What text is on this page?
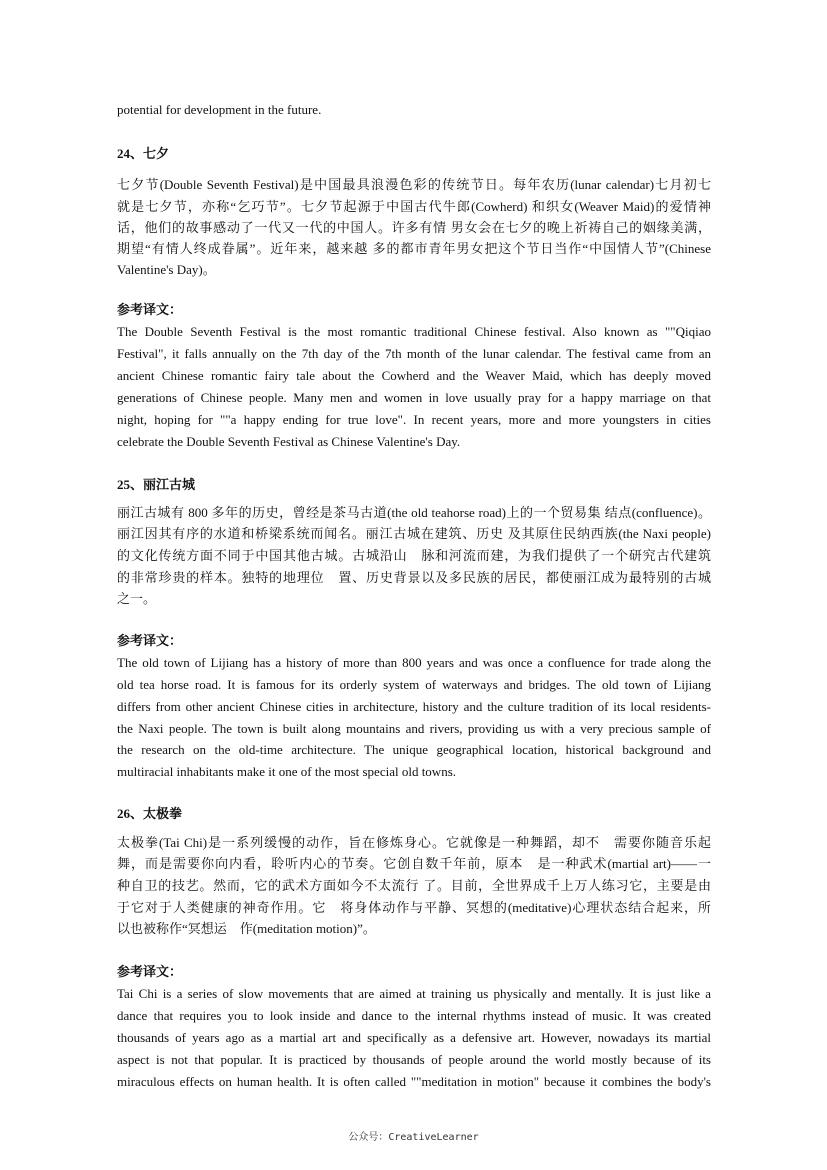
potential for development in the future.
24、七夕
七夕节(Double Seventh Festival)是中国最具浪漫色彩的传统节日。每年农历(lunar calendar)七月初七
就是七夕节，亦称“乞巧节”。七夕节起源于中国古代牛郎(Cowherd) 和织女(Weaver Maid)的爱情神
话，他们的故事感动了一代又一代的中国人。许多有情 男女会在七夕的晚上祈祷自己的姻缘美满，
期望“有情人终成眷属”。近年来，越来越 多的都市青年男女把这个节日当作“中国情人节”(Chinese
Valentine's Day)。
参考译文：
The Double Seventh Festival is the most romantic traditional Chinese festival. Also known as ""Qiqiao
Festival", it falls annually on the 7th day of the 7th month of the lunar calendar. The festival came from an
ancient Chinese romantic fairy tale about the Cowherd and the Weaver Maid, which has deeply moved
generations of Chinese people. Many men and women in love usually pray for a happy marriage on that
night, hoping for ""a happy ending for true love". In recent years, more and more youngsters in cities
celebrate the Double Seventh Festival as Chinese Valentine's Day.
25、丽江古城
丽江古城有 800 多年的历史，曾经是茶马古道(the old teahorse road)上的一个贸易集 结点(confluence)。
丽江因其有序的水道和桥梁系统而闻名。丽江古城在建筑、历史 及其原住民纳西族(the Naxi people)
的文化传统方面不同于中国其他古城。古城沿山　脉和河流而建，为我们提供了一个研究古代建筑
的非常珍贵的样本。独特的地理位　置、历史背景以及多民族的居民，都使丽江成为最特别的古城
之一。
参考译文：
The old town of Lijiang has a history of more than 800 years and was once a confluence for trade along the
old tea horse road. It is famous for its orderly system of waterways and bridges. The old town of Lijiang
differs from other ancient Chinese cities in architecture, history and the culture tradition of its local residents-
the Naxi people. The town is built along mountains and rivers, providing us with a very precious sample of
the research on the old-time architecture. The unique geographical location, historical background and
multiracial inhabitants make it one of the most special old towns.
26、太极拳
太极拳(Tai Chi)是一系列缓慢的动作，旨在修炼身心。它就像是一种舞蹈，却不　需要你随音乐起
舞，而是需要你向内看，聆听内心的节奏。它创自数千年前，原本　是一种武术(martial art)——一
种自卫的技艺。然而，它的武术方面如今不太流行 了。目前，全世界成千上万人练习它，主要是由
于它对于人类健康的神奇作用。它　将身体动作与平静、冥想的(meditative)心理状态结合起来，所
以也被称作“冥想运　作(meditation motion)”。
参考译文：
Tai Chi is a series of slow movements that are aimed at training us physically and mentally. It is just like a
dance that requires you to look inside and dance to the internal rhythms instead of music. It was created
thousands of years ago as a martial art and specifically as a defensive art. However, nowadays its martial
aspect is not that popular. It is practiced by thousands of people around the world mostly because of its
miraculous effects on human health. It is often called ""meditation in motion" because it combines the body's
公众号：CreativeLearner
